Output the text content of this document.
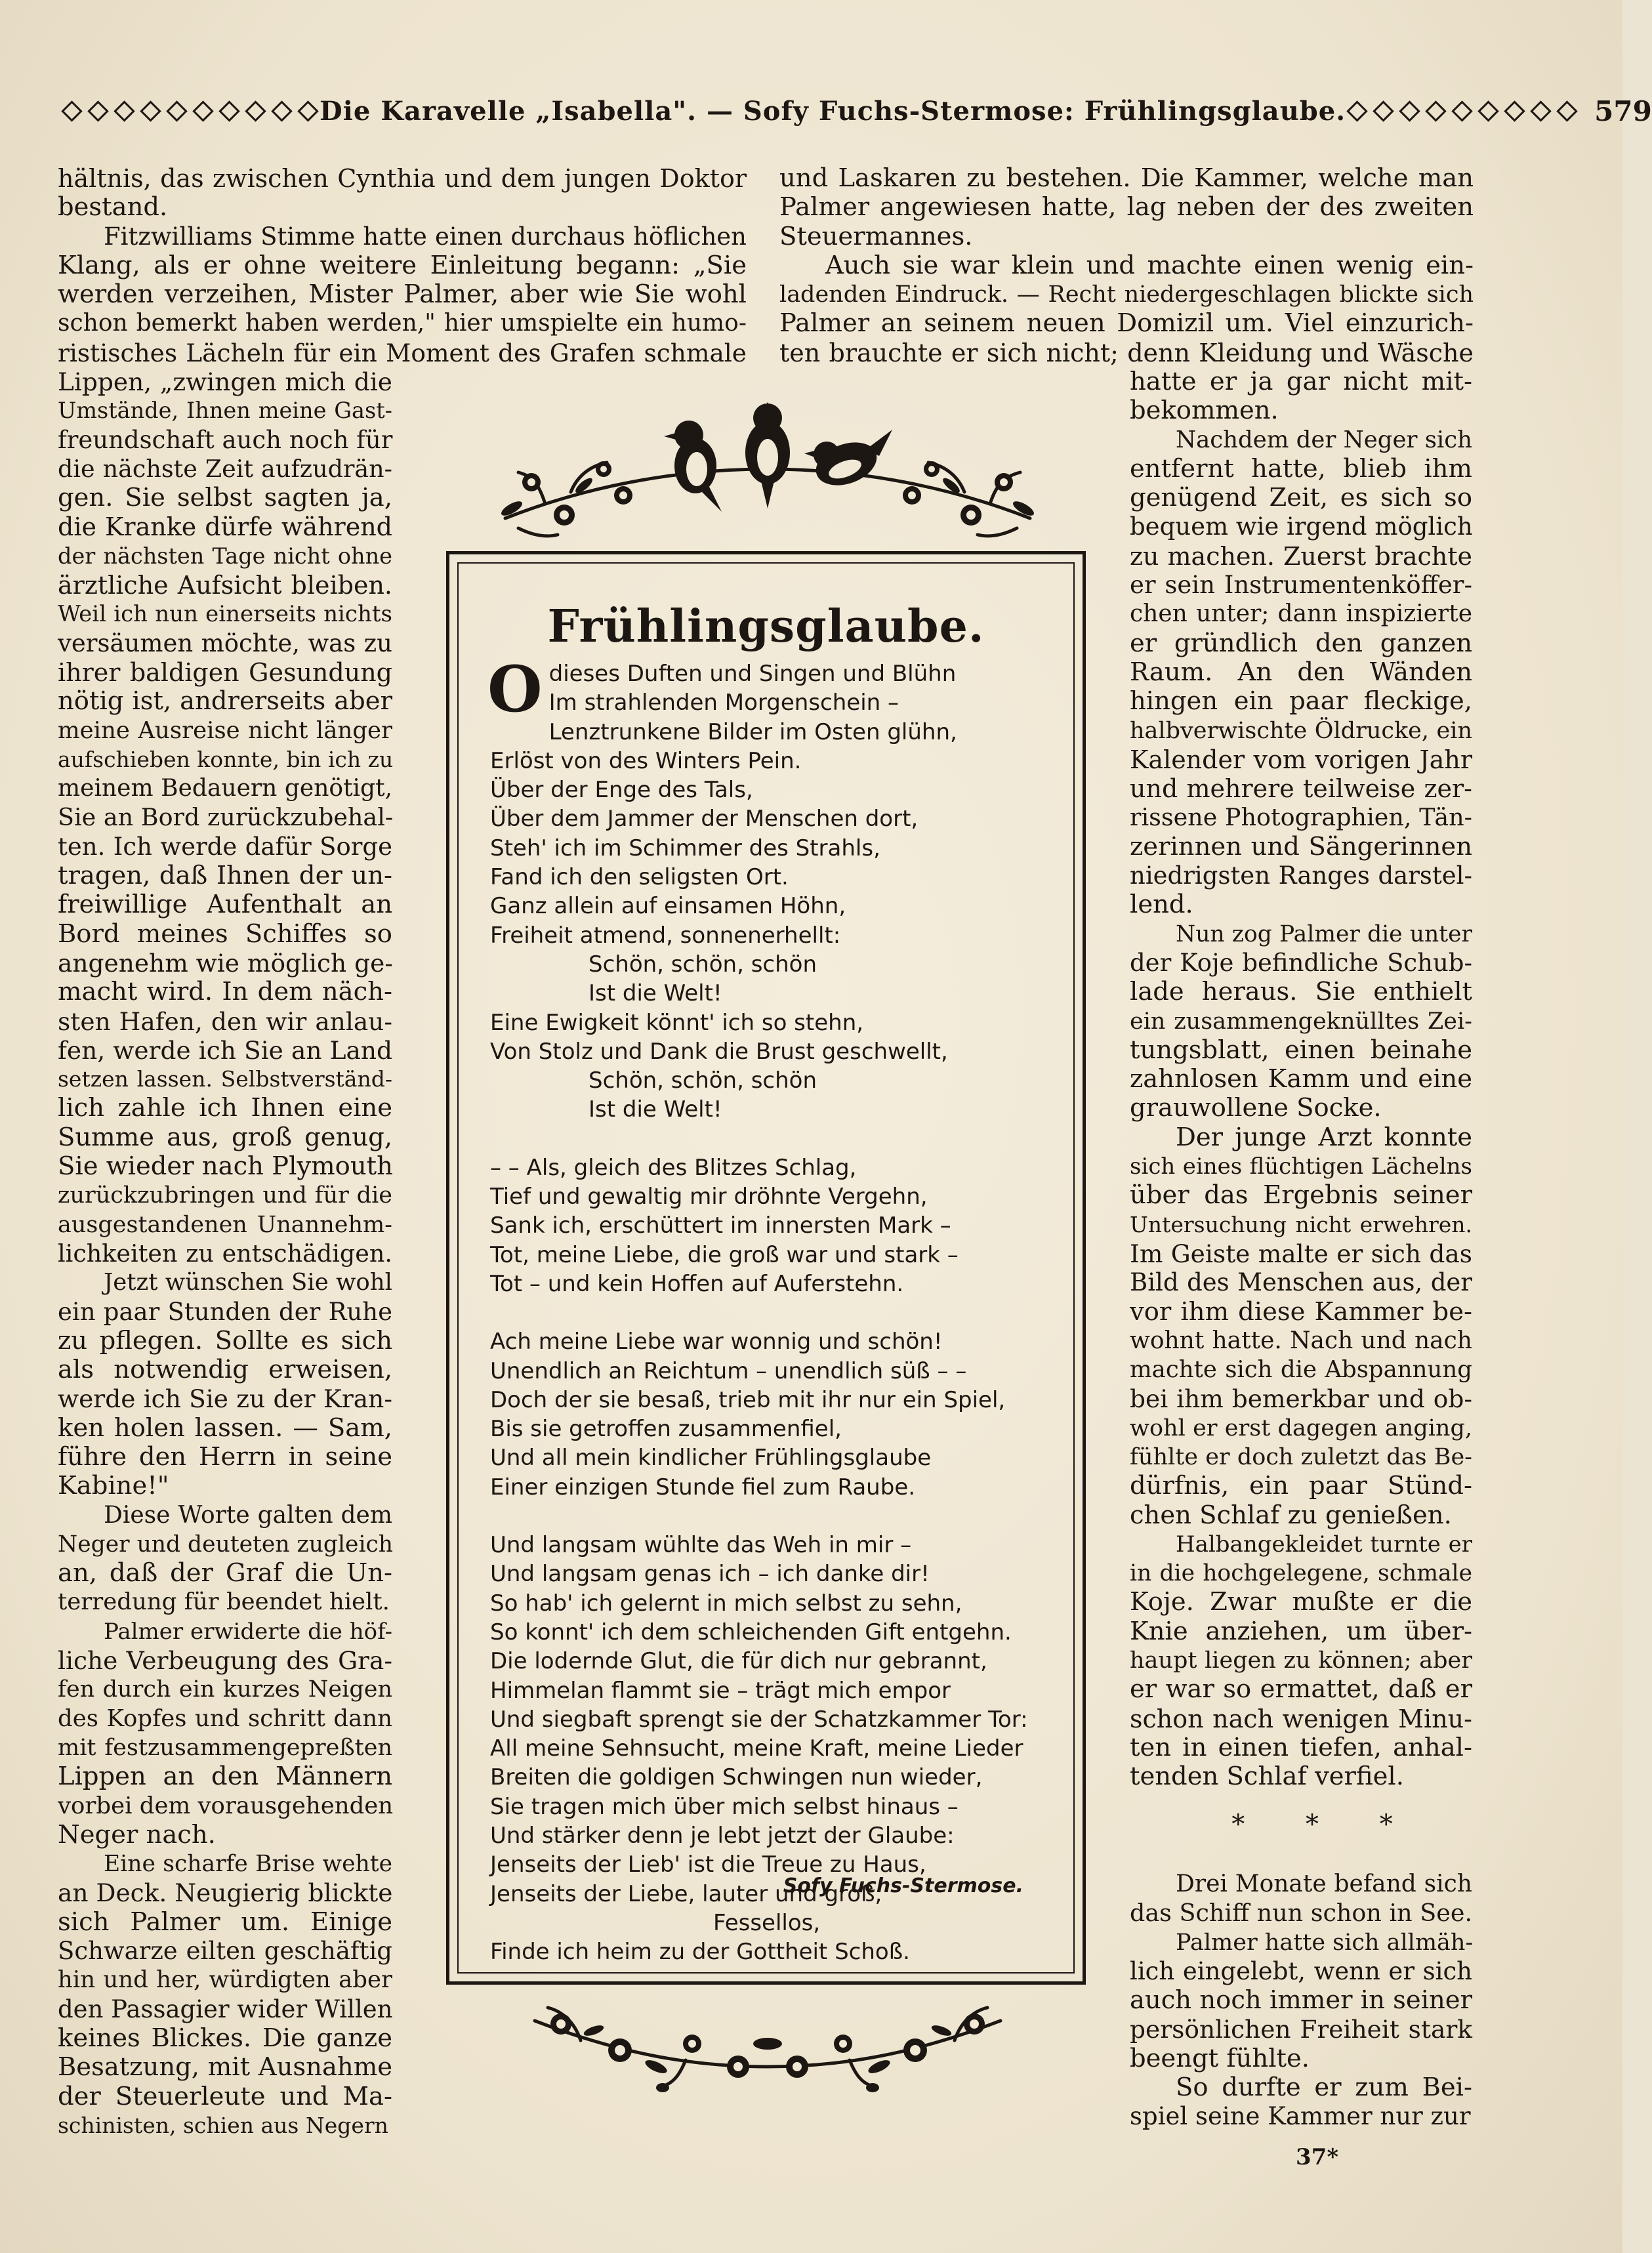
Die Karavelle „Isabella". — Sofy Fuchs-Stermose: Frühlingsglaube.	579
hältnis, das zwischen Cynthia und dem jungen Doktor
bestand.
Fitzwilliams Stimme hatte einen durchaus höflichen
Klang, als er ohne weitere Einleitung begann: „Sie
werden verzeihen, Mister Palmer, aber wie Sie wohl
schon bemerkt haben werden," hier umspielte ein humo-
ristisches Lächeln für ein Moment des Grafen schmale
Lippen, „zwingen mich die
Umstände, Ihnen meine Gast-
freundschaft auch noch für
die nächste Zeit aufzudrän-
gen. Sie selbst sagten ja,
die Kranke dürfe während
der nächsten Tage nicht ohne
ärztliche Aufsicht bleiben.
Weil ich nun einerseits nichts
versäumen möchte, was zu
ihrer baldigen Gesundung
nötig ist, andrerseits aber
meine Ausreise nicht länger
aufschieben konnte, bin ich zu
meinem Bedauern genötigt,
Sie an Bord zurückzubehal-
ten. Ich werde dafür Sorge
tragen, daß Ihnen der un-
freiwillige Aufenthalt an
Bord meines Schiffes so
angenehm wie möglich ge-
macht wird. In dem näch-
sten Hafen, den wir anlau-
fen, werde ich Sie an Land
setzen lassen. Selbstverständ-
lich zahle ich Ihnen eine
Summe aus, groß genug,
Sie wieder nach Plymouth
zurückzubringen und für die
ausgestandenen Unannehm-
lichkeiten zu entschädigen.
Jetzt wünschen Sie wohl
ein paar Stunden der Ruhe
zu pflegen. Sollte es sich
als notwendig erweisen,
werde ich Sie zu der Kran-
ken holen lassen. — Sam,
führe den Herrn in seine
Kabine!"
Diese Worte galten dem
Neger und deuteten zugleich
an, daß der Graf die Un-
terredung für beendet hielt.
Palmer erwiderte die höf-
liche Verbeugung des Gra-
fen durch ein kurzes Neigen
des Kopfes und schritt dann
mit festzusammengepreßten
Lippen an den Männern
vorbei dem vorausgehenden
Neger nach.
Eine scharfe Brise wehte
an Deck. Neugierig blickte
sich Palmer um. Einige
Schwarze eilten geschäftig
hin und her, würdigten aber
den Passagier wider Willen
keines Blickes. Die ganze
Besatzung, mit Ausnahme
der Steuerleute und Ma-
schinisten, schien aus Negern
und Laskaren zu bestehen. Die Kammer, welche man
Palmer angewiesen hatte, lag neben der des zweiten
Steuermannes.
Auch sie war klein und machte einen wenig ein-
ladenden Eindruck. — Recht niedergeschlagen blickte sich
Palmer an seinem neuen Domizil um. Viel einzurich-
ten brauchte er sich nicht; denn Kleidung und Wäsche
hatte er ja gar nicht mit-
bekommen.
Nachdem der Neger sich
entfernt hatte, blieb ihm
genügend Zeit, es sich so
bequem wie irgend möglich
zu machen. Zuerst brachte
er sein Instrumentenköffer-
chen unter; dann inspizierte
er gründlich den ganzen
Raum. An den Wänden
hingen ein paar fleckige,
halbverwischte Öldrucke, ein
Kalender vom vorigen Jahr
und mehrere teilweise zer-
rissene Photographien, Tän-
zerinnen und Sängerinnen
niedrigsten Ranges darstel-
lend.
Nun zog Palmer die unter
der Koje befindliche Schub-
lade heraus. Sie enthielt
ein zusammengeknülltes Zei-
tungsblatt, einen beinahe
zahnlosen Kamm und eine
grauwollene Socke.
Der junge Arzt konnte
sich eines flüchtigen Lächelns
über das Ergebnis seiner
Untersuchung nicht erwehren.
Im Geiste malte er sich das
Bild des Menschen aus, der
vor ihm diese Kammer be-
wohnt hatte. Nach und nach
machte sich die Abspannung
bei ihm bemerkbar und ob-
wohl er erst dagegen anging,
fühlte er doch zuletzt das Be-
dürfnis, ein paar Stünd-
chen Schlaf zu genießen.
Halbangekleidet turnte er
in die hochgelegene, schmale
Koje. Zwar mußte er die
Knie anziehen, um über-
haupt liegen zu können; aber
er war so ermattet, daß er
schon nach wenigen Minu-
ten in einen tiefen, anhal-
tenden Schlaf verfiel.
* * *
Drei Monate befand sich
das Schiff nun schon in See.
Palmer hatte sich allmäh-
lich eingelebt, wenn er sich
auch noch immer in seiner
persönlichen Freiheit stark
beengt fühlte.
So durfte er zum Bei-
spiel seine Kammer nur zur
37*
Frühlingsglaube.
O dieses Duften und Singen und Blühn
Im strahlenden Morgenschein –
Lenztrunkene Bilder im Osten glühn,
Erlöst von des Winters Pein.
Über der Enge des Tals,
Über dem Jammer der Menschen dort,
Steh' ich im Schimmer des Strahls,
Fand ich den seligsten Ort.
Ganz allein auf einsamen Höhn,
Freiheit atmend, sonnenerhellt:
Schön, schön, schön
Ist die Welt!
Eine Ewigkeit könnt' ich so stehn,
Von Stolz und Dank die Brust geschwellt,
Schön, schön, schön
Ist die Welt!
– – Als, gleich des Blitzes Schlag,
Tief und gewaltig mir dröhnte Vergehn,
Sank ich, erschüttert im innersten Mark –
Tot, meine Liebe, die groß war und stark –
Tot – und kein Hoffen auf Auferstehn.
Ach meine Liebe war wonnig und schön!
Unendlich an Reichtum – unendlich süß – –
Doch der sie besaß, trieb mit ihr nur ein Spiel,
Bis sie getroffen zusammenfiel,
Und all mein kindlicher Frühlingsglaube
Einer einzigen Stunde fiel zum Raube.
Und langsam wühlte das Weh in mir –
Und langsam genas ich – ich danke dir!
So hab' ich gelernt in mich selbst zu sehn,
So konnt' ich dem schleichenden Gift entgehn.
Die lodernde Glut, die für dich nur gebrannt,
Himmelan flammt sie – trägt mich empor
Und siegbaft sprengt sie der Schatzkammer Tor:
All meine Sehnsucht, meine Kraft, meine Lieder
Breiten die goldigen Schwingen nun wieder,
Sie tragen mich über mich selbst hinaus –
Und stärker denn je lebt jetzt der Glaube:
Jenseits der Lieb' ist die Treue zu Haus,
Jenseits der Liebe, lauter und groß,
Fessellos,
Finde ich heim zu der Gottheit Schoß.
Sofy Fuchs-Stermose.
